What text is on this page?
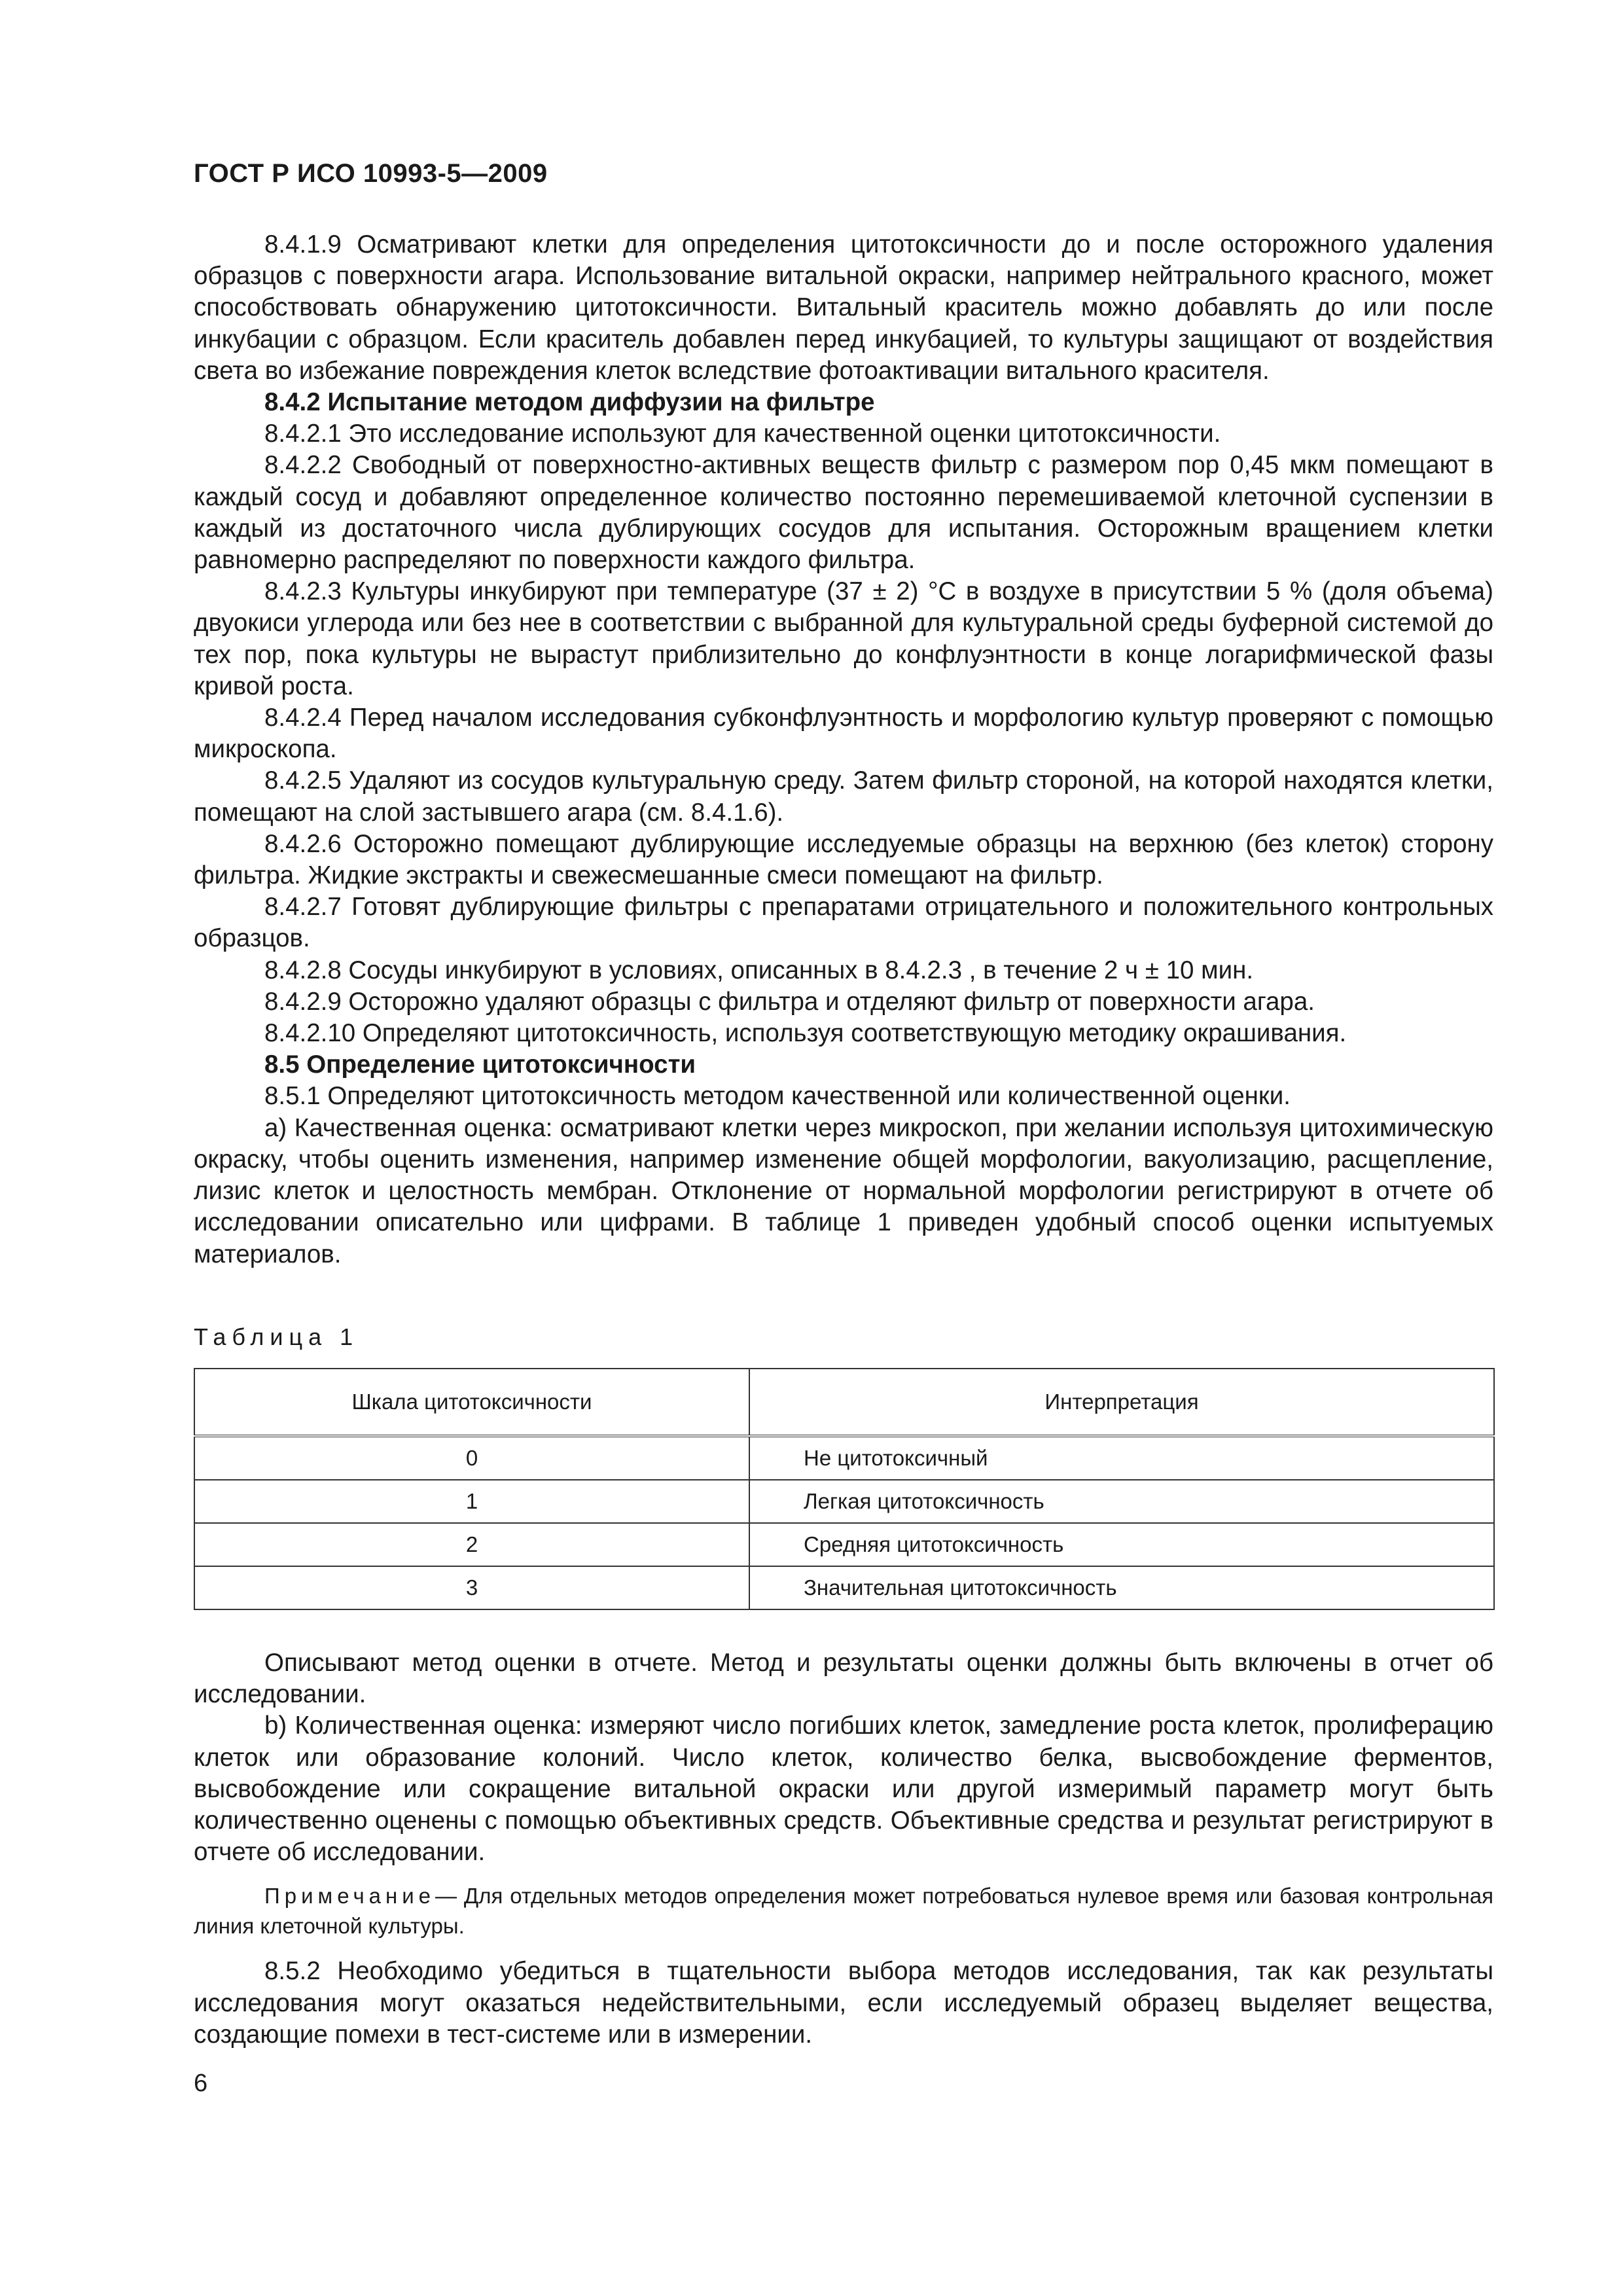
ГОСТ Р ИСО 10993-5—2009

8.4.1.9 Осматривают клетки для определения цитотоксичности до и после осторожного удаления образцов с поверхности агара. Использование витальной окраски, например нейтрального красного, может способствовать обнаружению цитотоксичности. Витальный краситель можно добавлять до или после инкубации с образцом. Если краситель добавлен перед инкубацией, то культуры защищают от воздействия света во избежание повреждения клеток вследствие фотоактивации витального красителя.

8.4.2 Испытание методом диффузии на фильтре

8.4.2.1 Это исследование используют для качественной оценки цитотоксичности.

8.4.2.2 Свободный от поверхностно-активных веществ фильтр с размером пор 0,45 мкм помещают в каждый сосуд и добавляют определенное количество постоянно перемешиваемой клеточной суспензии в каждый из достаточного числа дублирующих сосудов для испытания. Осторожным вращением клетки равномерно распределяют по поверхности каждого фильтра.

8.4.2.3 Культуры инкубируют при температуре (37 ± 2) °С в воздухе в присутствии 5 % (доля объема) двуокиси углерода или без нее в соответствии с выбранной для культуральной среды буферной системой до тех пор, пока культуры не вырастут приблизительно до конфлуэнтности в конце логарифмической фазы кривой роста.

8.4.2.4 Перед началом исследования субконфлуэнтность и морфологию культур проверяют с помощью микроскопа.

8.4.2.5 Удаляют из сосудов культуральную среду. Затем фильтр стороной, на которой находятся клетки, помещают на слой застывшего агара (см. 8.4.1.6).

8.4.2.6 Осторожно помещают дублирующие исследуемые образцы на верхнюю (без клеток) сторону фильтра. Жидкие экстракты и свежесмешанные смеси помещают на фильтр.

8.4.2.7 Готовят дублирующие фильтры с препаратами отрицательного и положительного контрольных образцов.

8.4.2.8 Сосуды инкубируют в условиях, описанных в 8.4.2.3 , в течение 2 ч ± 10 мин.

8.4.2.9 Осторожно удаляют образцы с фильтра и отделяют фильтр от поверхности агара.

8.4.2.10 Определяют цитотоксичность, используя соответствующую методику окрашивания.

8.5 Определение цитотоксичности

8.5.1 Определяют цитотоксичность методом качественной или количественной оценки.

a) Качественная оценка: осматривают клетки через микроскоп, при желании используя цитохимическую окраску, чтобы оценить изменения, например изменение общей морфологии, вакуолизацию, расщепление, лизис клеток и целостность мембран. Отклонение от нормальной морфологии регистрируют в отчете об исследовании описательно или цифрами. В таблице 1 приведен удобный способ оценки испытуемых материалов.

Таблица 1
Шкала цитотоксичности	Интерпретация
0	Не цитотоксичный
1	Легкая цитотоксичность
2	Средняя цитотоксичность
3	Значительная цитотоксичность

Описывают метод оценки в отчете. Метод и результаты оценки должны быть включены в отчет об исследовании.

b) Количественная оценка: измеряют число погибших клеток, замедление роста клеток, пролиферацию клеток или образование колоний. Число клеток, количество белка, высвобождение ферментов, высвобождение или сокращение витальной окраски или другой измеримый параметр могут быть количественно оценены с помощью объективных средств. Объективные средства и результат регистрируют в отчете об исследовании.

Примечание— Для отдельных методов определения может потребоваться нулевое время или базовая контрольная линия клеточной культуры.

8.5.2 Необходимо убедиться в тщательности выбора методов исследования, так как результаты исследования могут оказаться недействительными, если исследуемый образец выделяет вещества, создающие помехи в тест-системе или в измерении.

6
